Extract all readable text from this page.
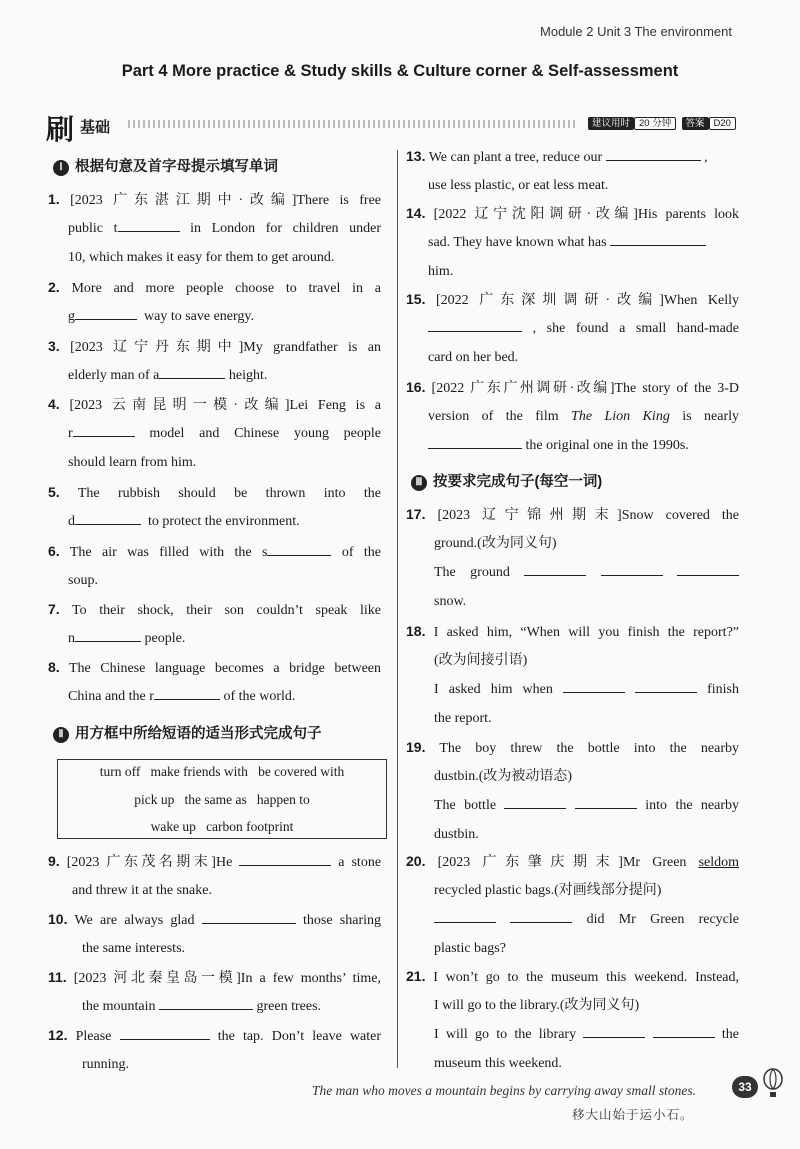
Module 2 Unit 3 The environment
Part 4 More practice & Study skills & Culture corner & Self-assessment
刷 基础	建议用时 20 分钟 答案 D20
Ⅰ 根据句意及首字母提示填写单词
1. [2023 广东湛江期中·改编]There is free
public t	in London for children under
10, which makes it easy for them to get around.
2. More and more people choose to travel in a
g	way to save energy.
3. [2023 辽宁丹东期中]My grandfather is an
elderly man of a	height.
4. [2023 云南昆明一模·改编]Lei Feng is a
r	model and Chinese young people
should learn from him.
5. The rubbish should be thrown into the
d	to protect the environment.
6. The air was filled with the s	of the
soup.
7. To their shock, their son couldn’t speak like
n	people.
8. The Chinese language becomes a bridge between
China and the r	of the world.
Ⅱ 用方框中所给短语的适当形式完成句子
turn off make friends with be covered with
pick up the same as happen to
wake up carbon footprint
9. [2023 广东茂名期末]He	a stone
and threw it at the snake.
10. We are always glad	those sharing
the same interests.
11. [2023 河北秦皇岛一模]In a few months’ time,
the mountain	green trees.
12. Please	the tap. Don’t leave water
running.
13. We can plant a tree, reduce our	,
use less plastic, or eat less meat.
14. [2022 辽宁沈阳调研·改编]His parents look
sad. They have known what has
him.
15. [2022 广东深圳调研·改编]When Kelly
, she found a small hand-made
card on her bed.
16. [2022 广东广州调研·改编]The story of the 3-D
version of the film The Lion King is nearly
the original one in the 1990s.
Ⅲ 按要求完成句子(每空一词)
17. [2023 辽宁锦州期末]Snow covered the
ground.(改为同义句)
The ground
snow.
18. I asked him, “When will you finish the report?”
(改为间接引语)
I asked him when	finish
the report.
19. The boy threw the bottle into the nearby
dustbin.(改为被动语态)
The bottle	into the nearby
dustbin.
20. [2023 广东肇庆期末]Mr Green seldom
recycled plastic bags.(对画线部分提问)
did Mr Green recycle
plastic bags?
21. I won’t go to the museum this weekend. Instead,
I will go to the library.(改为同义句)
I will go to the library	the
museum this weekend.
The man who moves a mountain begins by carrying away small stones.
移大山始于运小石。
33
